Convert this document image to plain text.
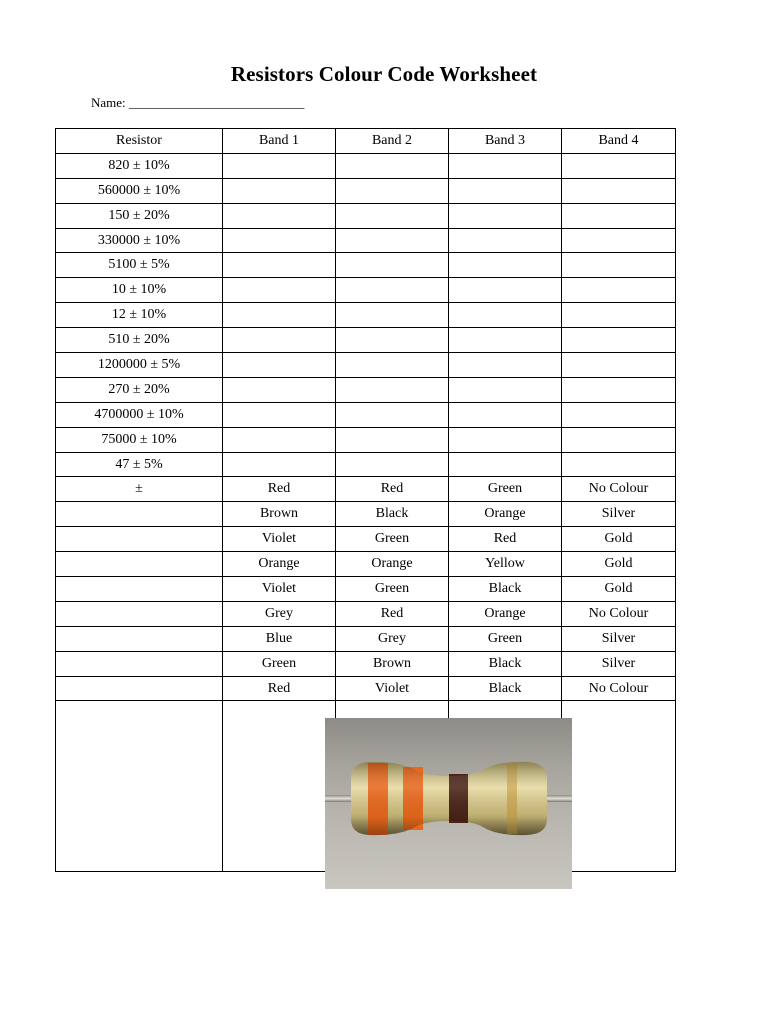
Resistors Colour Code Worksheet
Name: ___________________________
Resistor	Band 1	Band 2	Band 3	Band 4
820 ± 10%				
560000 ± 10%				
150 ± 20%				
330000 ± 10%				
5100 ± 5%				
10 ± 10%				
12 ± 10%				
510 ± 20%				
1200000 ± 5%				
270 ± 20%				
4700000 ± 10%				
75000 ± 10%				
47 ± 5%				
±	Red	Red	Green	No Colour
	Brown	Black	Orange	Silver
	Violet	Green	Red	Gold
	Orange	Orange	Yellow	Gold
	Violet	Green	Black	Gold
	Grey	Red	Orange	No Colour
	Blue	Grey	Green	Silver
	Green	Brown	Black	Silver
	Red	Violet	Black	No Colour
